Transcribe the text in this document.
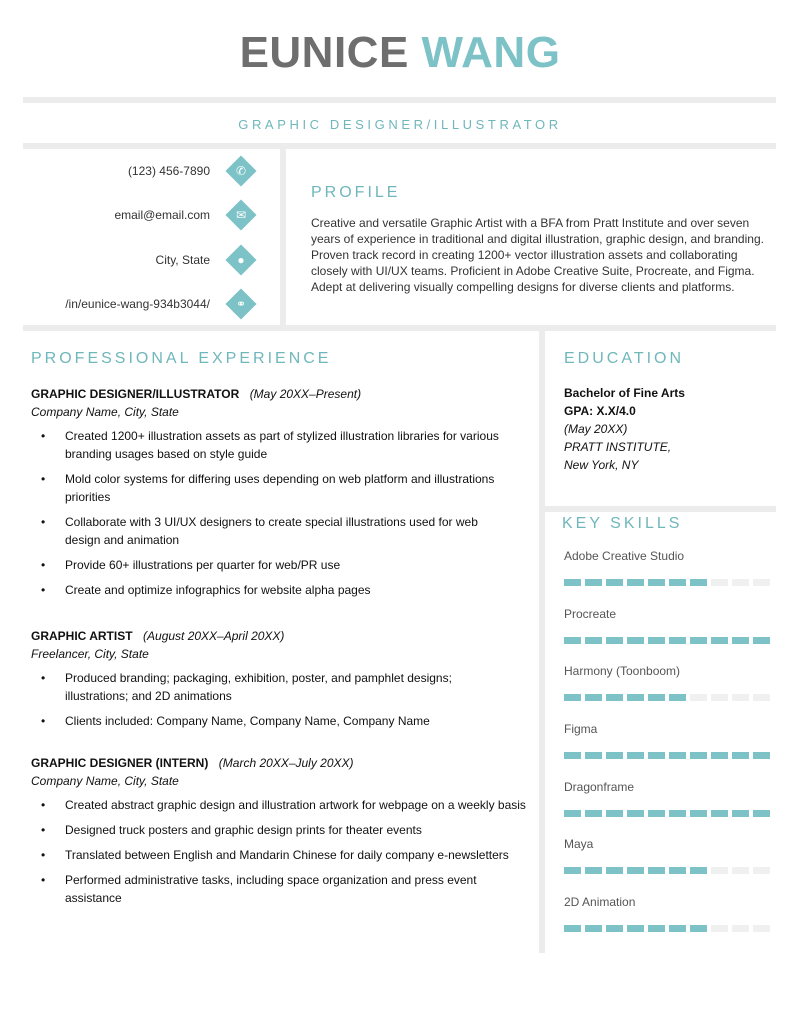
EUNICE WANG
GRAPHIC DESIGNER/ILLUSTRATOR
(123) 456-7890 ✆
email@email.com ✉
City, State ●
/in/eunice-wang-934b3044/ ⚭
PROFILE
Creative and versatile Graphic Artist with a BFA from Pratt Institute and over seven
years of experience in traditional and digital illustration, graphic design, and branding.
Proven track record in creating 1200+ vector illustration assets and collaborating
closely with UI/UX teams. Proficient in Adobe Creative Suite, Procreate, and Figma.
Adept at delivering visually compelling designs for diverse clients and platforms.
PROFESSIONAL EXPERIENCE
GRAPHIC DESIGNER/ILLUSTRATOR (May 20XX–Present)
Company Name, City, State
• Created 1200+ illustration assets as part of stylized illustration libraries for various branding usages based on style guide
• Mold color systems for differing uses depending on web platform and illustrations priorities
• Collaborate with 3 UI/UX designers to create special illustrations used for web design and animation
• Provide 60+ illustrations per quarter for web/PR use
• Create and optimize infographics for website alpha pages
GRAPHIC ARTIST (August 20XX–April 20XX)
Freelancer, City, State
• Produced branding; packaging, exhibition, poster, and pamphlet designs; illustrations; and 2D animations
• Clients included: Company Name, Company Name, Company Name
GRAPHIC DESIGNER (INTERN) (March 20XX–July 20XX)
Company Name, City, State
• Created abstract graphic design and illustration artwork for webpage on a weekly basis
• Designed truck posters and graphic design prints for theater events
• Translated between English and Mandarin Chinese for daily company e-newsletters
• Performed administrative tasks, including space organization and press event assistance
EDUCATION
Bachelor of Fine Arts
GPA: X.X/4.0
(May 20XX)
PRATT INSTITUTE,
New York, NY
KEY SKILLS
Adobe Creative Studio
Procreate
Harmony (Toonboom)
Figma
Dragonframe
Maya
2D Animation
